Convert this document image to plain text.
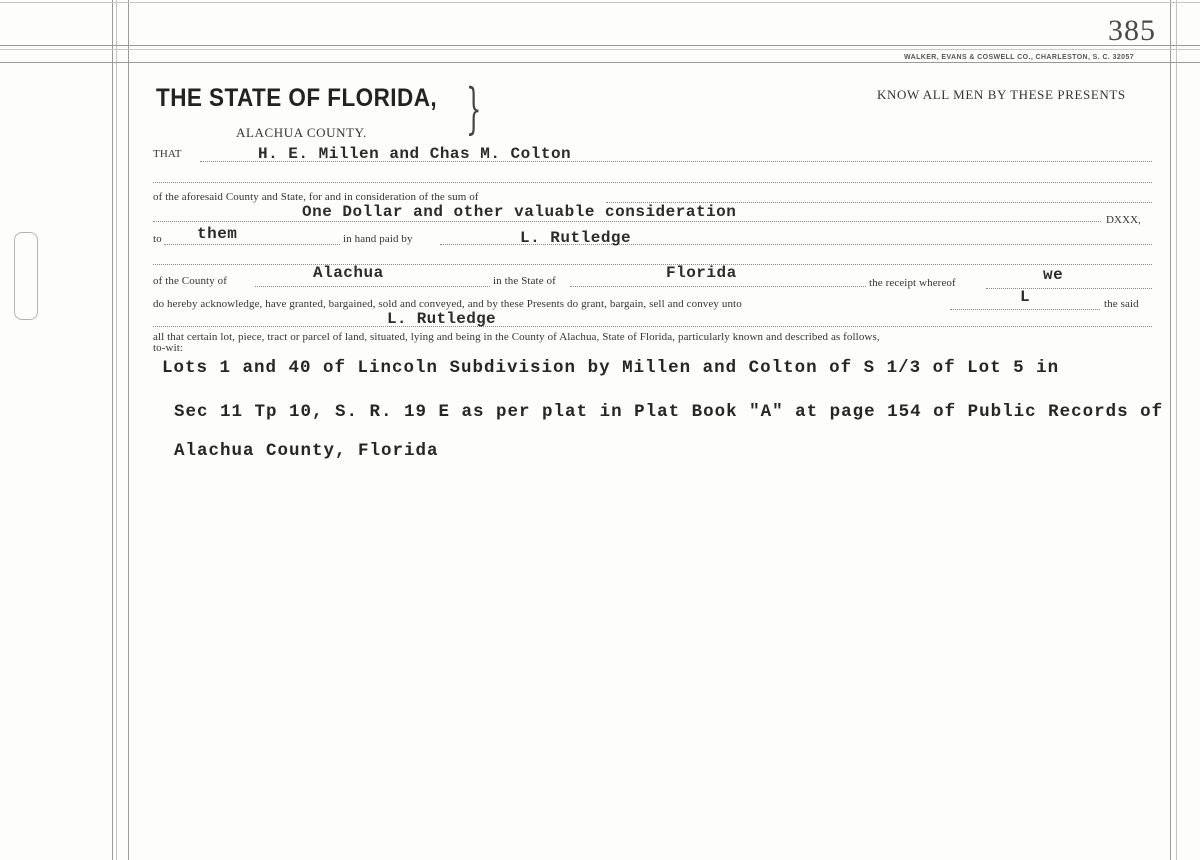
385
WALKER, EVANS & COSWELL CO., CHARLESTON, S. C. 32057
THE STATE OF FLORIDA, }	KNOW ALL MEN BY THESE PRESENTS
ALACHUA COUNTY.
THAT	H. E. Millen and Chas M. Colton
of the aforesaid County and State, for and in consideration of the sum of
One Dollar and other valuable consideration	DXXX,
to them	in hand paid by	L. Rutledge
of the County of	Alachua	in the State of	Florida
the receipt whereof	we
do hereby acknowledge, have granted, bargained, sold and conveyed, and by these Presents do grant, bargain, sell and convey unto	L	the said
L. Rutledge
all that certain lot, piece, tract or parcel of land, situated, lying and being in the County of Alachua, State of Florida, particularly known and described as follows,
to-wit:
Lots 1 and 40 of Lincoln Subdivision by Millen and Colton of S 1/3 of Lot 5 in
Sec 11 Tp 10, S. R. 19 E as per plat in Plat Book "A" at page 154 of Public Records of
Alachua County, Florida
